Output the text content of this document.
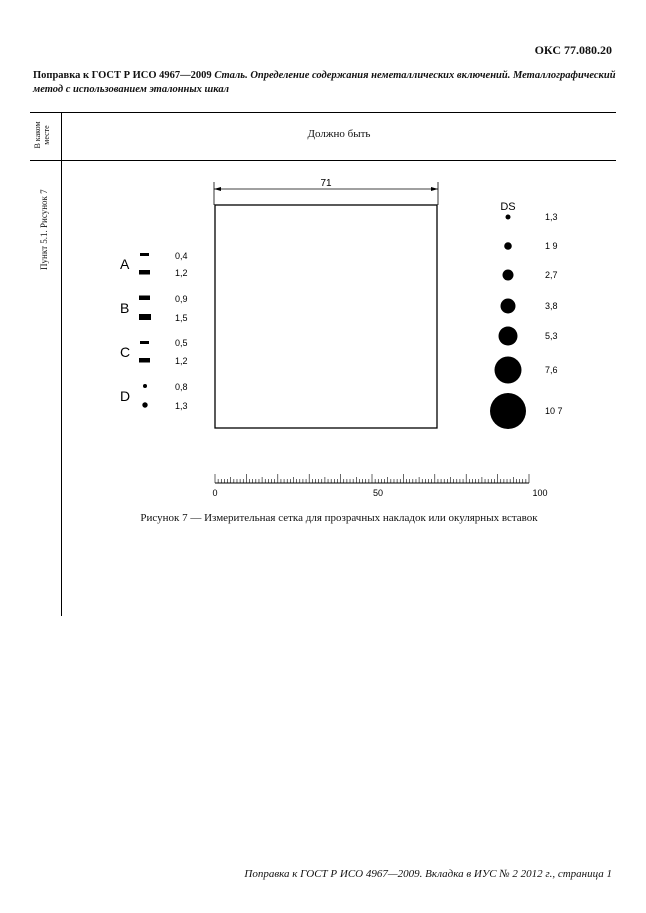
ОКС 77.080.20
Поправка к ГОСТ Р ИСО 4967—2009 Сталь. Определение содержания неметаллических включений. Металлографический метод с использованием эталонных шкал
В каком месте
Пункт 5.1. Рисунок 7
Должно быть
71
A	0,4
1,2
B
0,9
1,5
C
0,5
1,2
D
0,8
1,3
DS
1,3
1 9
2,7
3,8
5,3
7,6
10 7
0	50	100
Рисунок 7 — Измерительная сетка для прозрачных накладок или окулярных вставок
Поправка к ГОСТ Р ИСО 4967—2009. Вкладка в ИУС № 2 2012 г., страница 1
